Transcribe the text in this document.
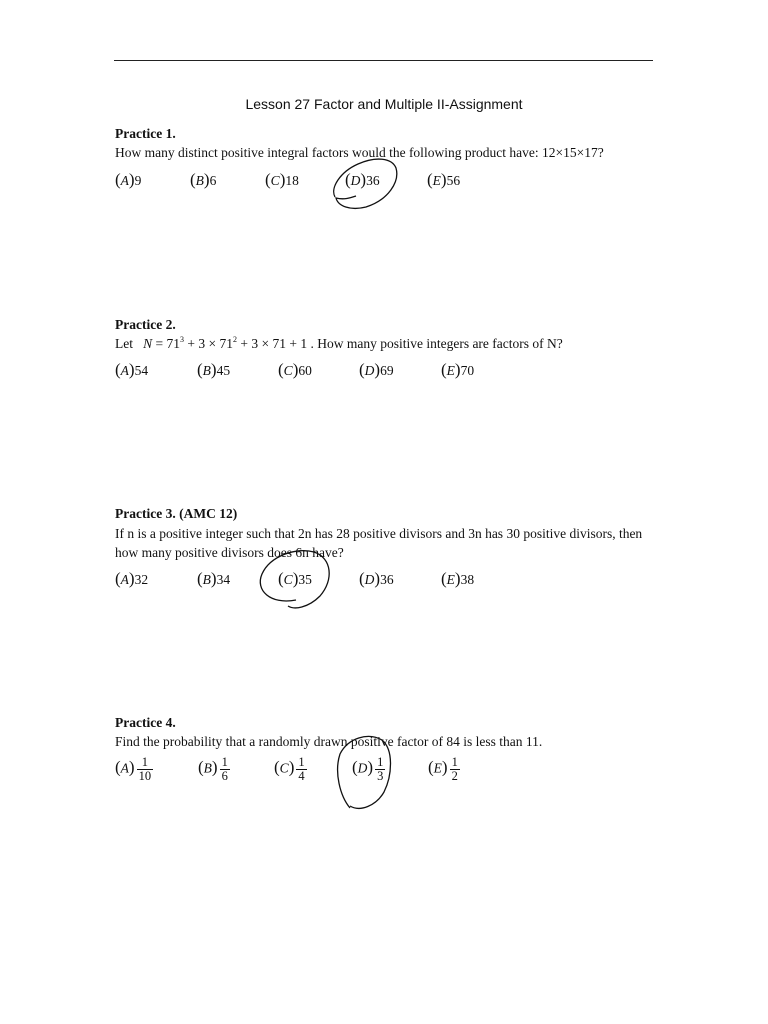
Lesson 27 Factor and Multiple II-Assignment
Practice 1.
How many distinct positive integral factors would the following product have: 12×15×17?
(A)9	(B)6	(C)18	(D)36	(E)56
Practice 2.
Let $N = 71^3 + 3 \times 71^2 + 3 \times 71 + 1$ . How many positive integers are factors of N?
(A)54	(B)45	(C)60	(D)69	(E)70
Practice 3. (AMC 12)
If n is a positive integer such that 2n has 28 positive divisors and 3n has 30 positive divisors, then
how many positive divisors does 6n have?
(A)32	(B)34	(C)35	(D)36	(E)38
Practice 4.
Find the probability that a randomly drawn positive factor of 84 is less than 11.
$(A) \frac{1}{10}$	$(B) \frac{1}{6}$	$(C) \frac{1}{4}$	$(D) \frac{1}{3}$	$(E) \frac{1}{2}$
